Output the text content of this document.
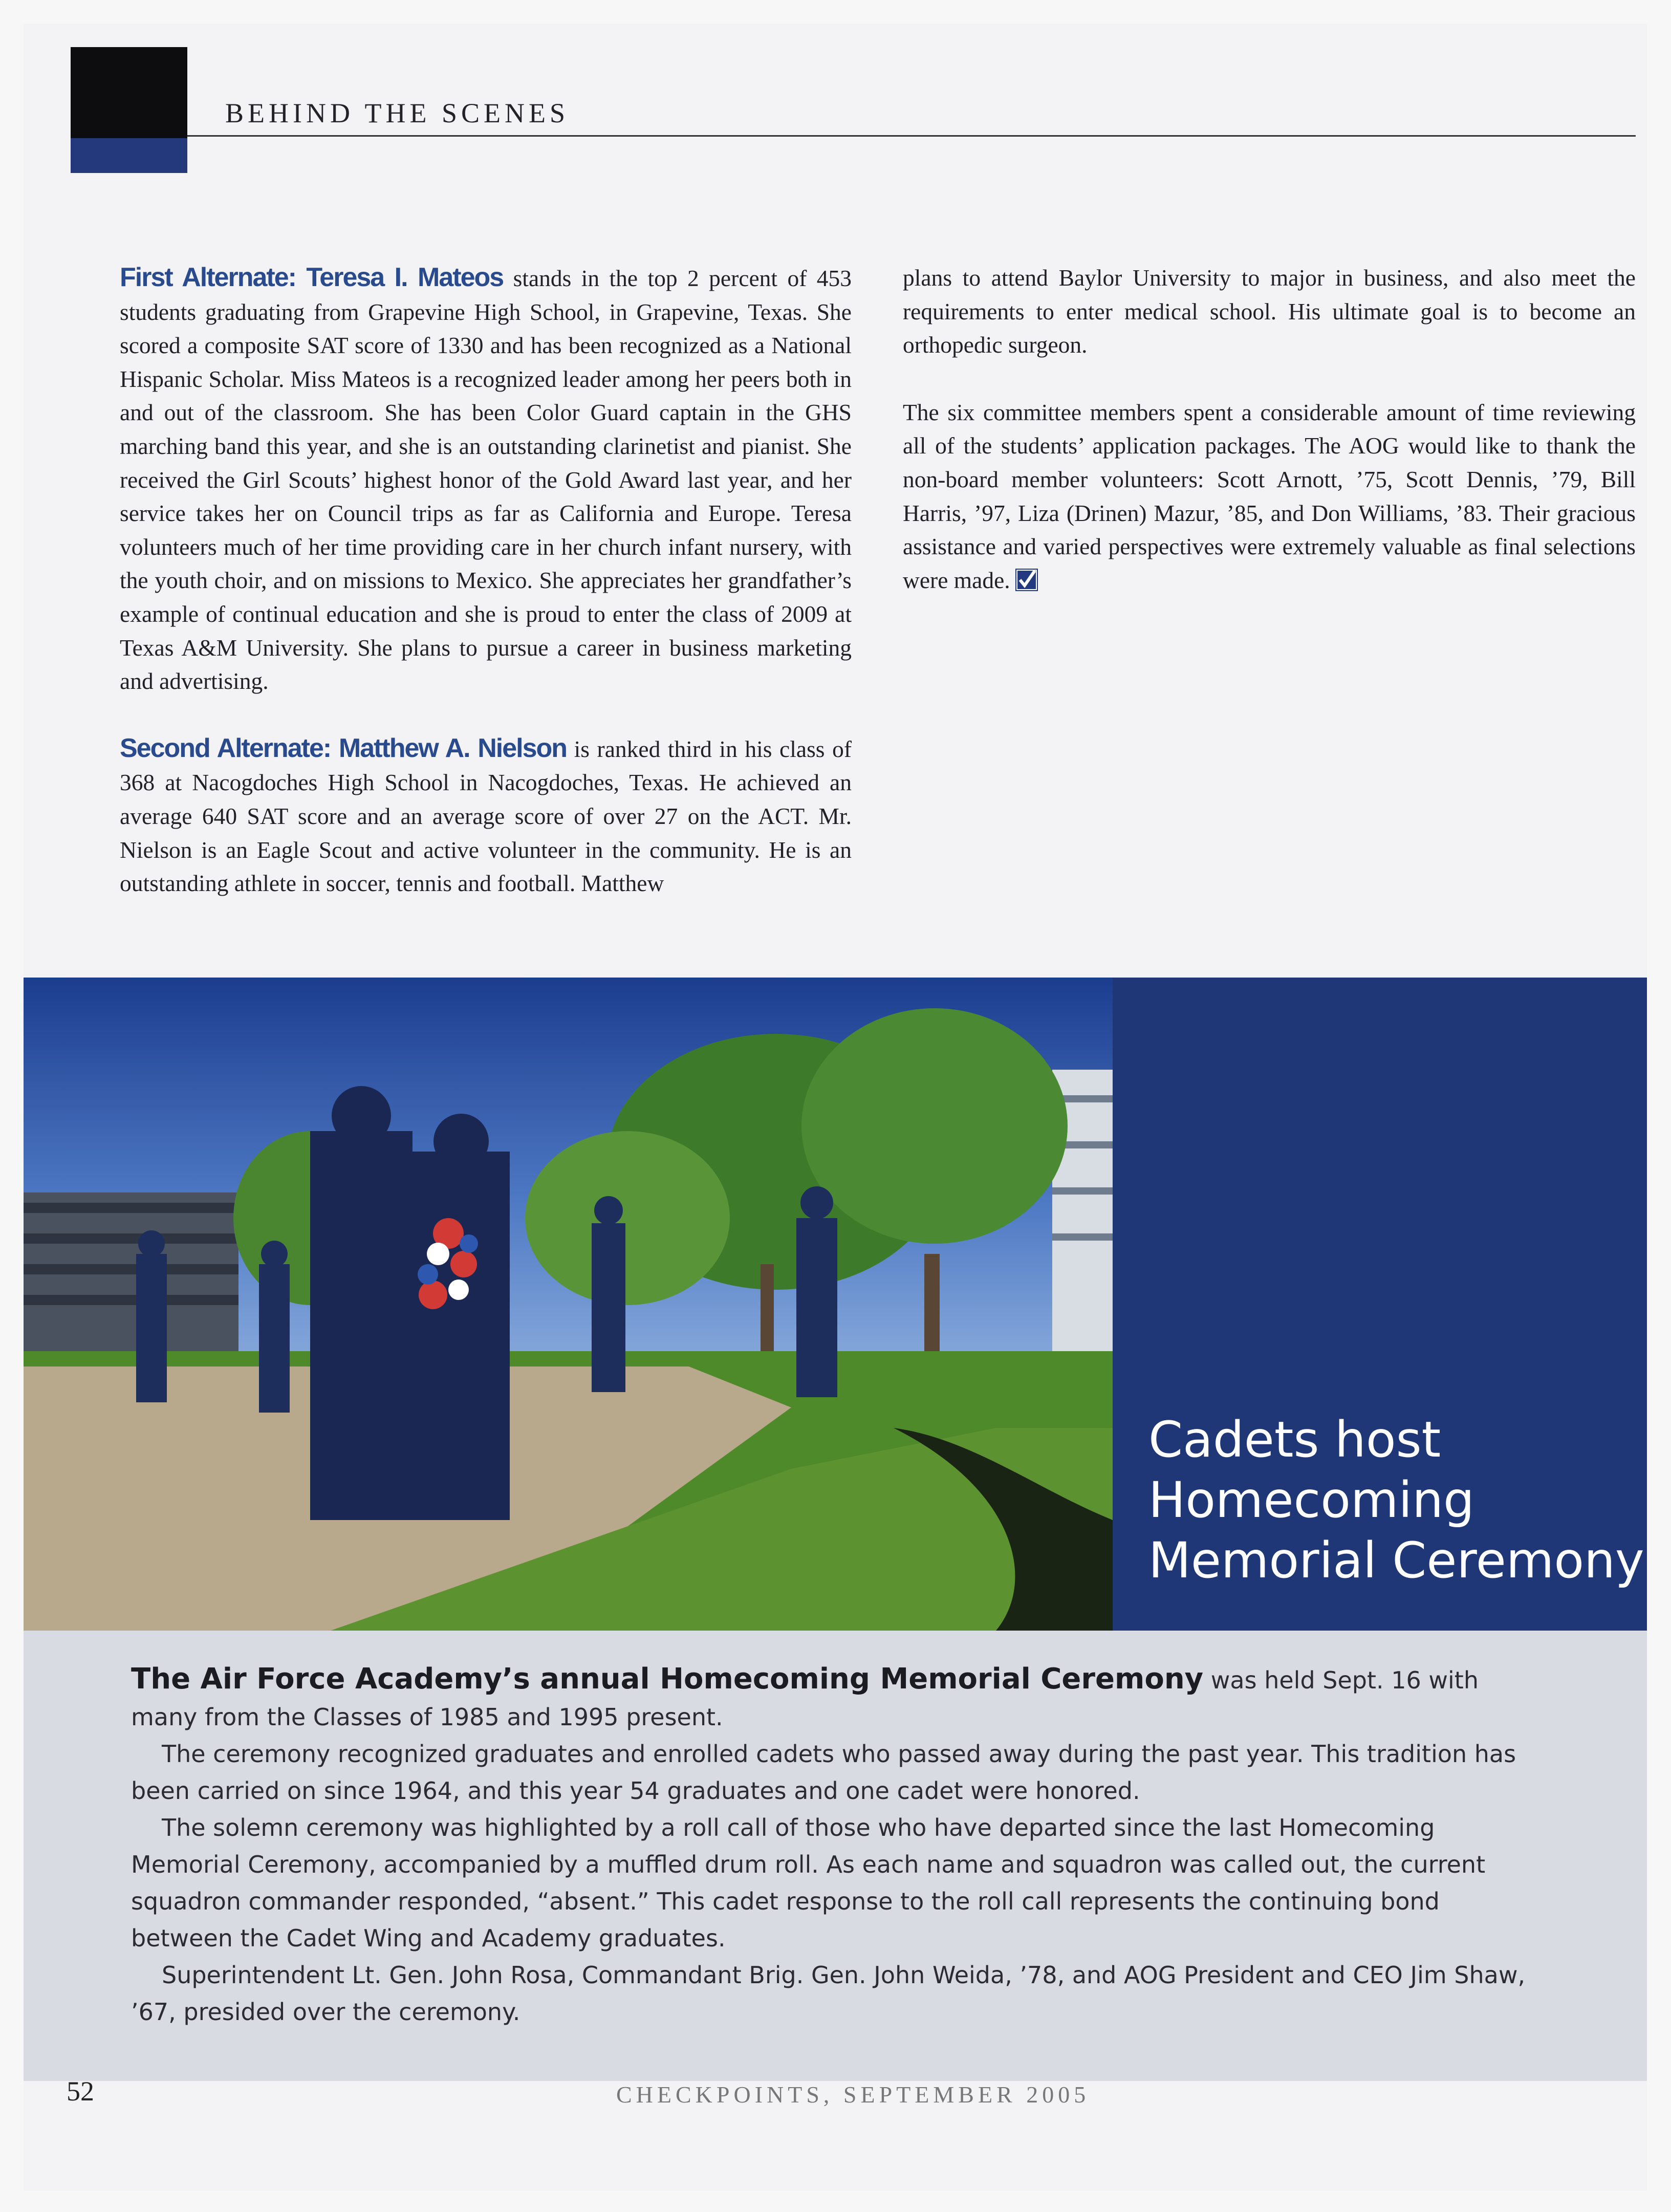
BEHIND THE SCENES

First Alternate: Teresa I. Mateos stands in the top 2 percent of 453 students graduating from Grapevine High School, in Grapevine, Texas. She scored a composite SAT score of 1330 and has been recognized as a National Hispanic Scholar. Miss Mateos is a recognized leader among her peers both in and out of the classroom. She has been Color Guard captain in the GHS marching band this year, and she is an outstanding clarinetist and pianist. She received the Girl Scouts’ highest honor of the Gold Award last year, and her service takes her on Council trips as far as California and Europe. Teresa volunteers much of her time providing care in her church infant nursery, with the youth choir, and on missions to Mexico. She appreciates her grandfather’s example of continual education and she is proud to enter the class of 2009 at Texas A&M University. She plans to pursue a career in business marketing and advertising.

Second Alternate: Matthew A. Nielson is ranked third in his class of 368 at Nacogdoches High School in Nacogdoches, Texas. He achieved an average 640 SAT score and an average score of over 27 on the ACT. Mr. Nielson is an Eagle Scout and active volunteer in the community. He is an outstanding athlete in soccer, tennis and football. Matthew

plans to attend Baylor University to major in business, and also meet the requirements to enter medical school. His ultimate goal is to become an orthopedic surgeon.

The six committee members spent a considerable amount of time reviewing all of the students’ application packages. The AOG would like to thank the non-board member volunteers: Scott Arnott, ’75, Scott Dennis, ’79, Bill Harris, ’97, Liza (Drinen) Mazur, ’85, and Don Williams, ’83. Their gracious assistance and varied perspectives were extremely valuable as final selections were made.

Cadets host
Homecoming
Memorial Ceremony

The Air Force Academy’s annual Homecoming Memorial Ceremony was held Sept. 16 with many from the Classes of 1985 and 1995 present.

The ceremony recognized graduates and enrolled cadets who passed away during the past year. This tradition has been carried on since 1964, and this year 54 graduates and one cadet were honored.

The solemn ceremony was highlighted by a roll call of those who have departed since the last Homecoming Memorial Ceremony, accompanied by a muffled drum roll. As each name and squadron was called out, the current squadron commander responded, “absent.” This cadet response to the roll call represents the continuing bond between the Cadet Wing and Academy graduates.

Superintendent Lt. Gen. John Rosa, Commandant Brig. Gen. John Weida, ’78, and AOG President and CEO Jim Shaw, ’67, presided over the ceremony.

52	CHECKPOINTS, SEPTEMBER 2005
